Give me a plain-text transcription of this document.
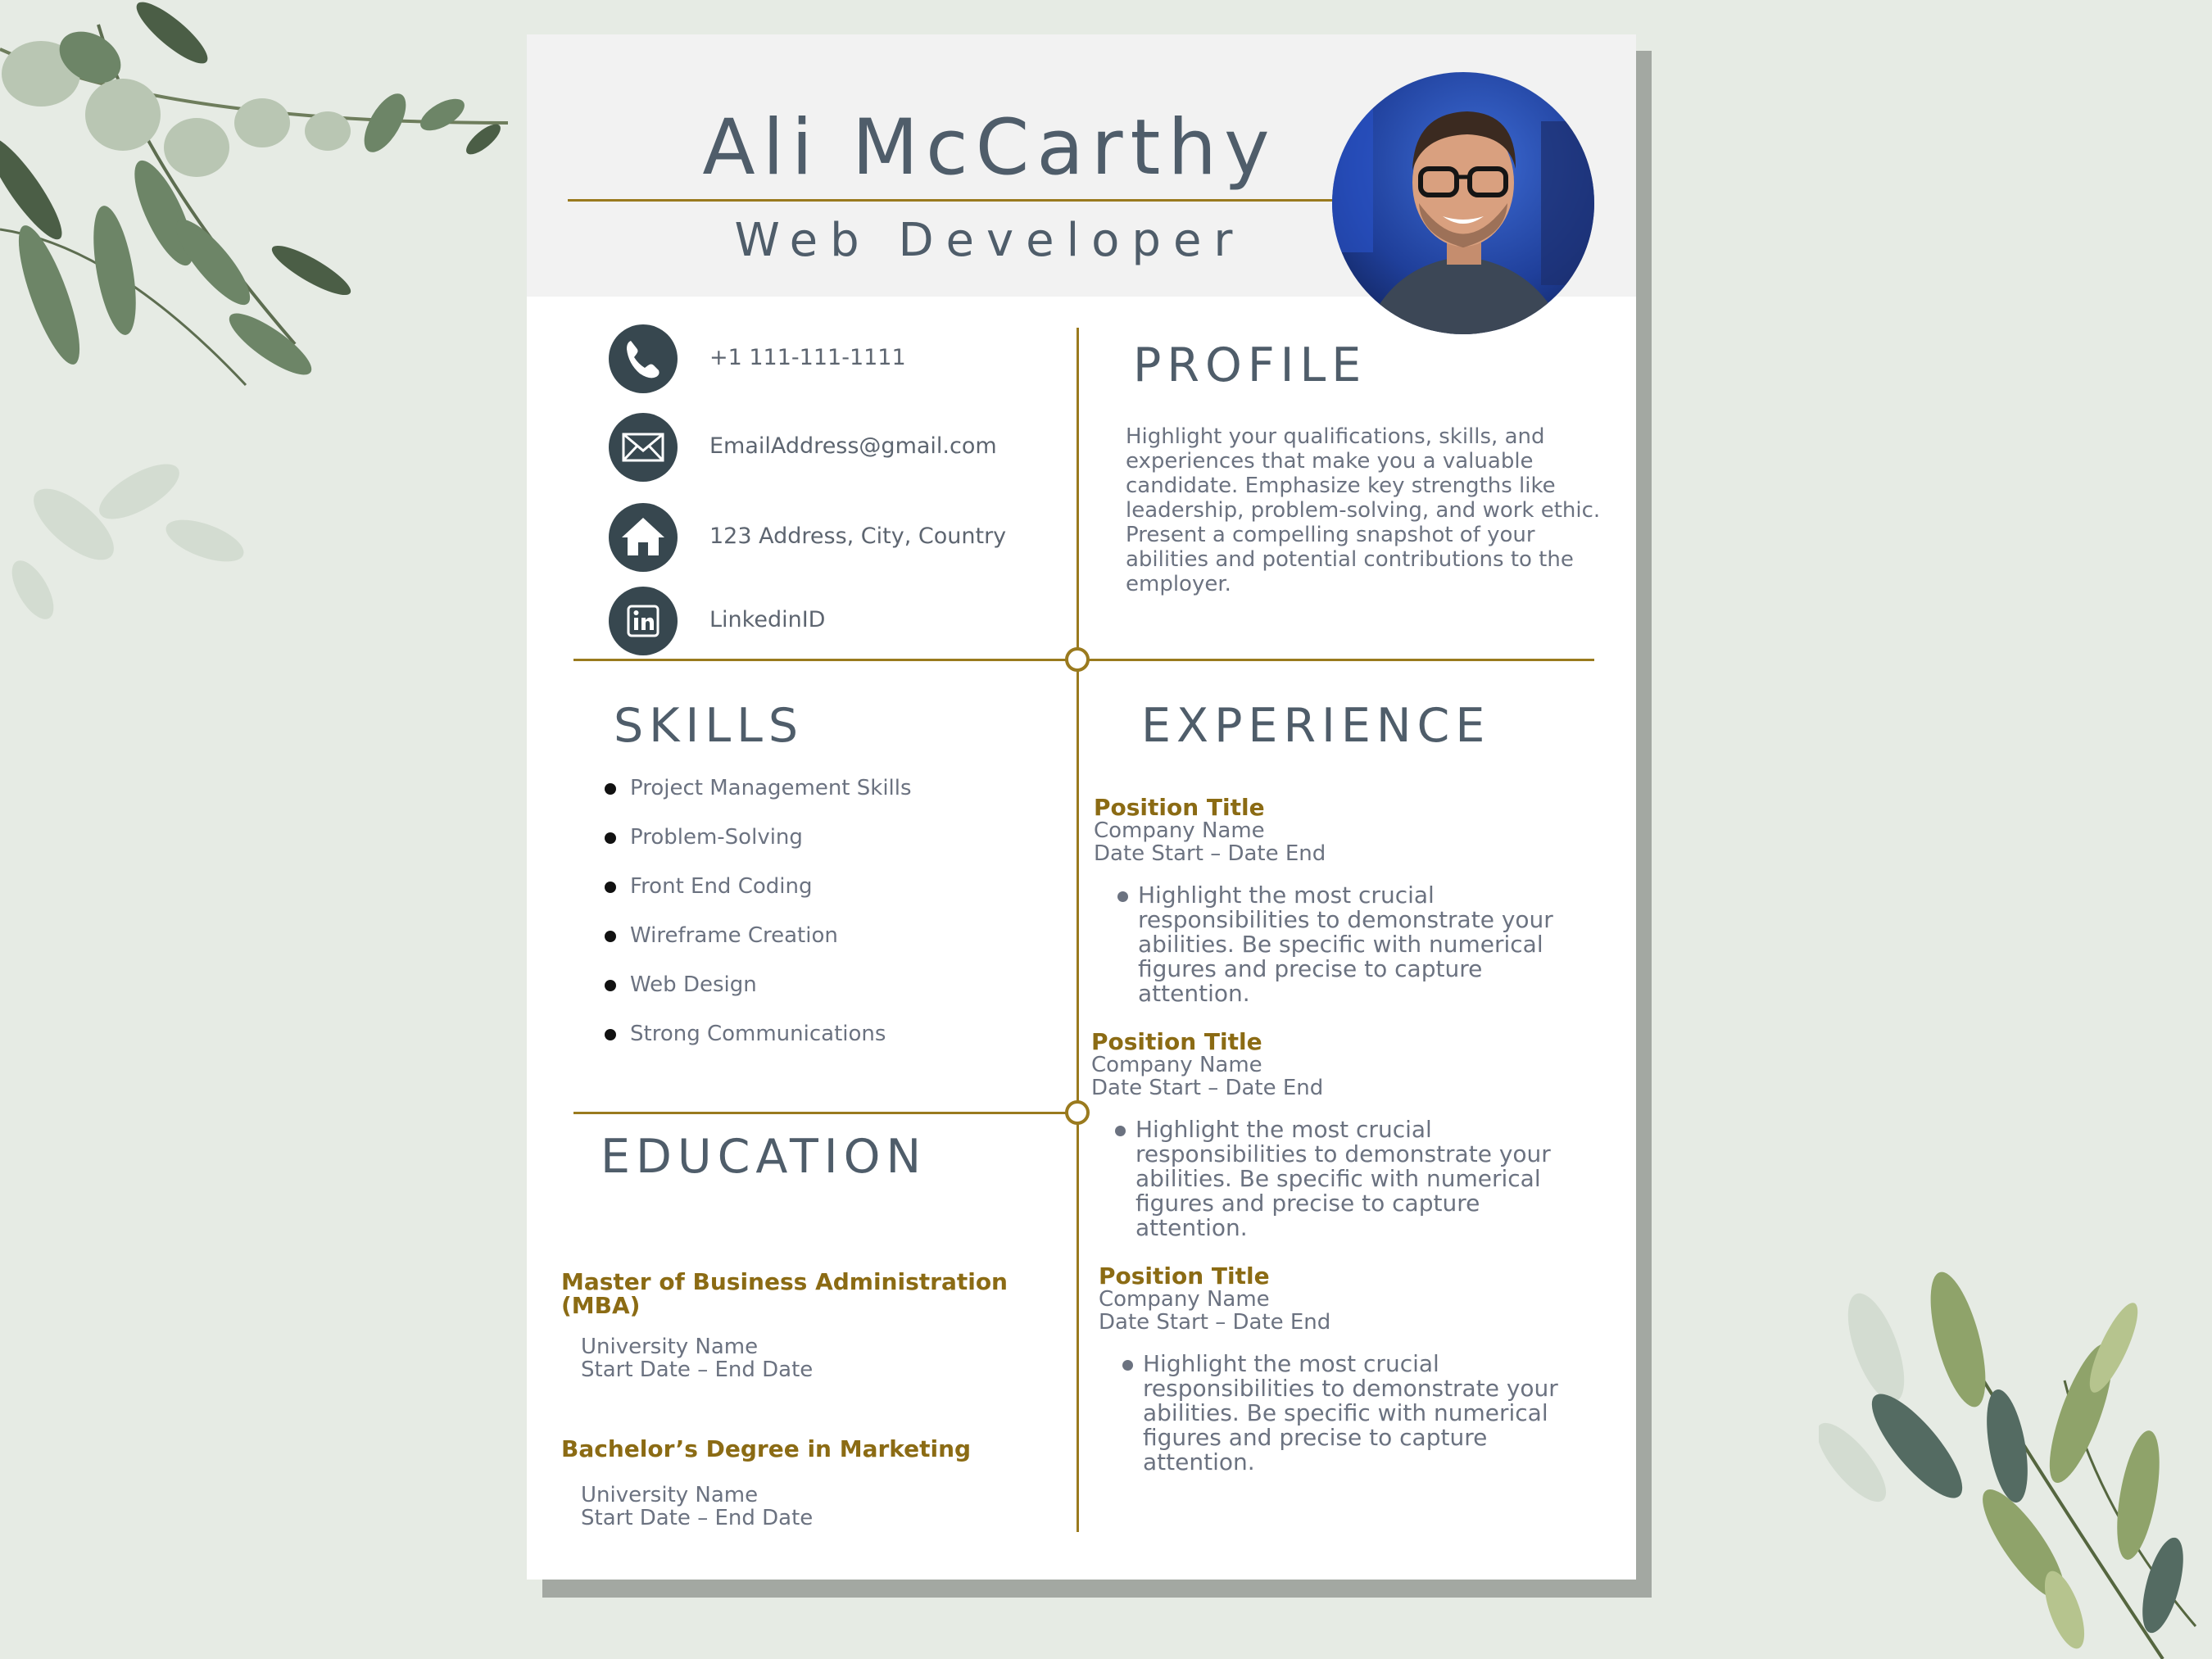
Ali McCarthy
Web Developer
+1 111-111-1111
EmailAddress@gmail.com
123 Address, City, Country
LinkedinID
PROFILE

Highlight your qualifications, skills, and experiences that make you a valuable candidate. Emphasize key strengths like leadership, problem-solving, and work ethic. Present a compelling snapshot of your abilities and potential contributions to the employer.

SKILLS
Project Management Skills
Problem-Solving
Front End Coding
Wireframe Creation
Web Design
Strong Communications
EXPERIENCE
Position Title
Company Name
Date Start – Date End
Highlight the most crucial responsibilities to demonstrate your abilities. Be specific with numerical figures and precise to capture attention.
Position Title
Company Name
Date Start – Date End
Highlight the most crucial responsibilities to demonstrate your abilities. Be specific with numerical figures and precise to capture attention.
Position Title
Company Name
Date Start – Date End
Highlight the most crucial responsibilities to demonstrate your abilities. Be specific with numerical figures and precise to capture attention.
EDUCATION
Master of Business Administration (MBA)
University Name
Start Date – End Date
Bachelor’s Degree in Marketing
University Name
Start Date – End Date
